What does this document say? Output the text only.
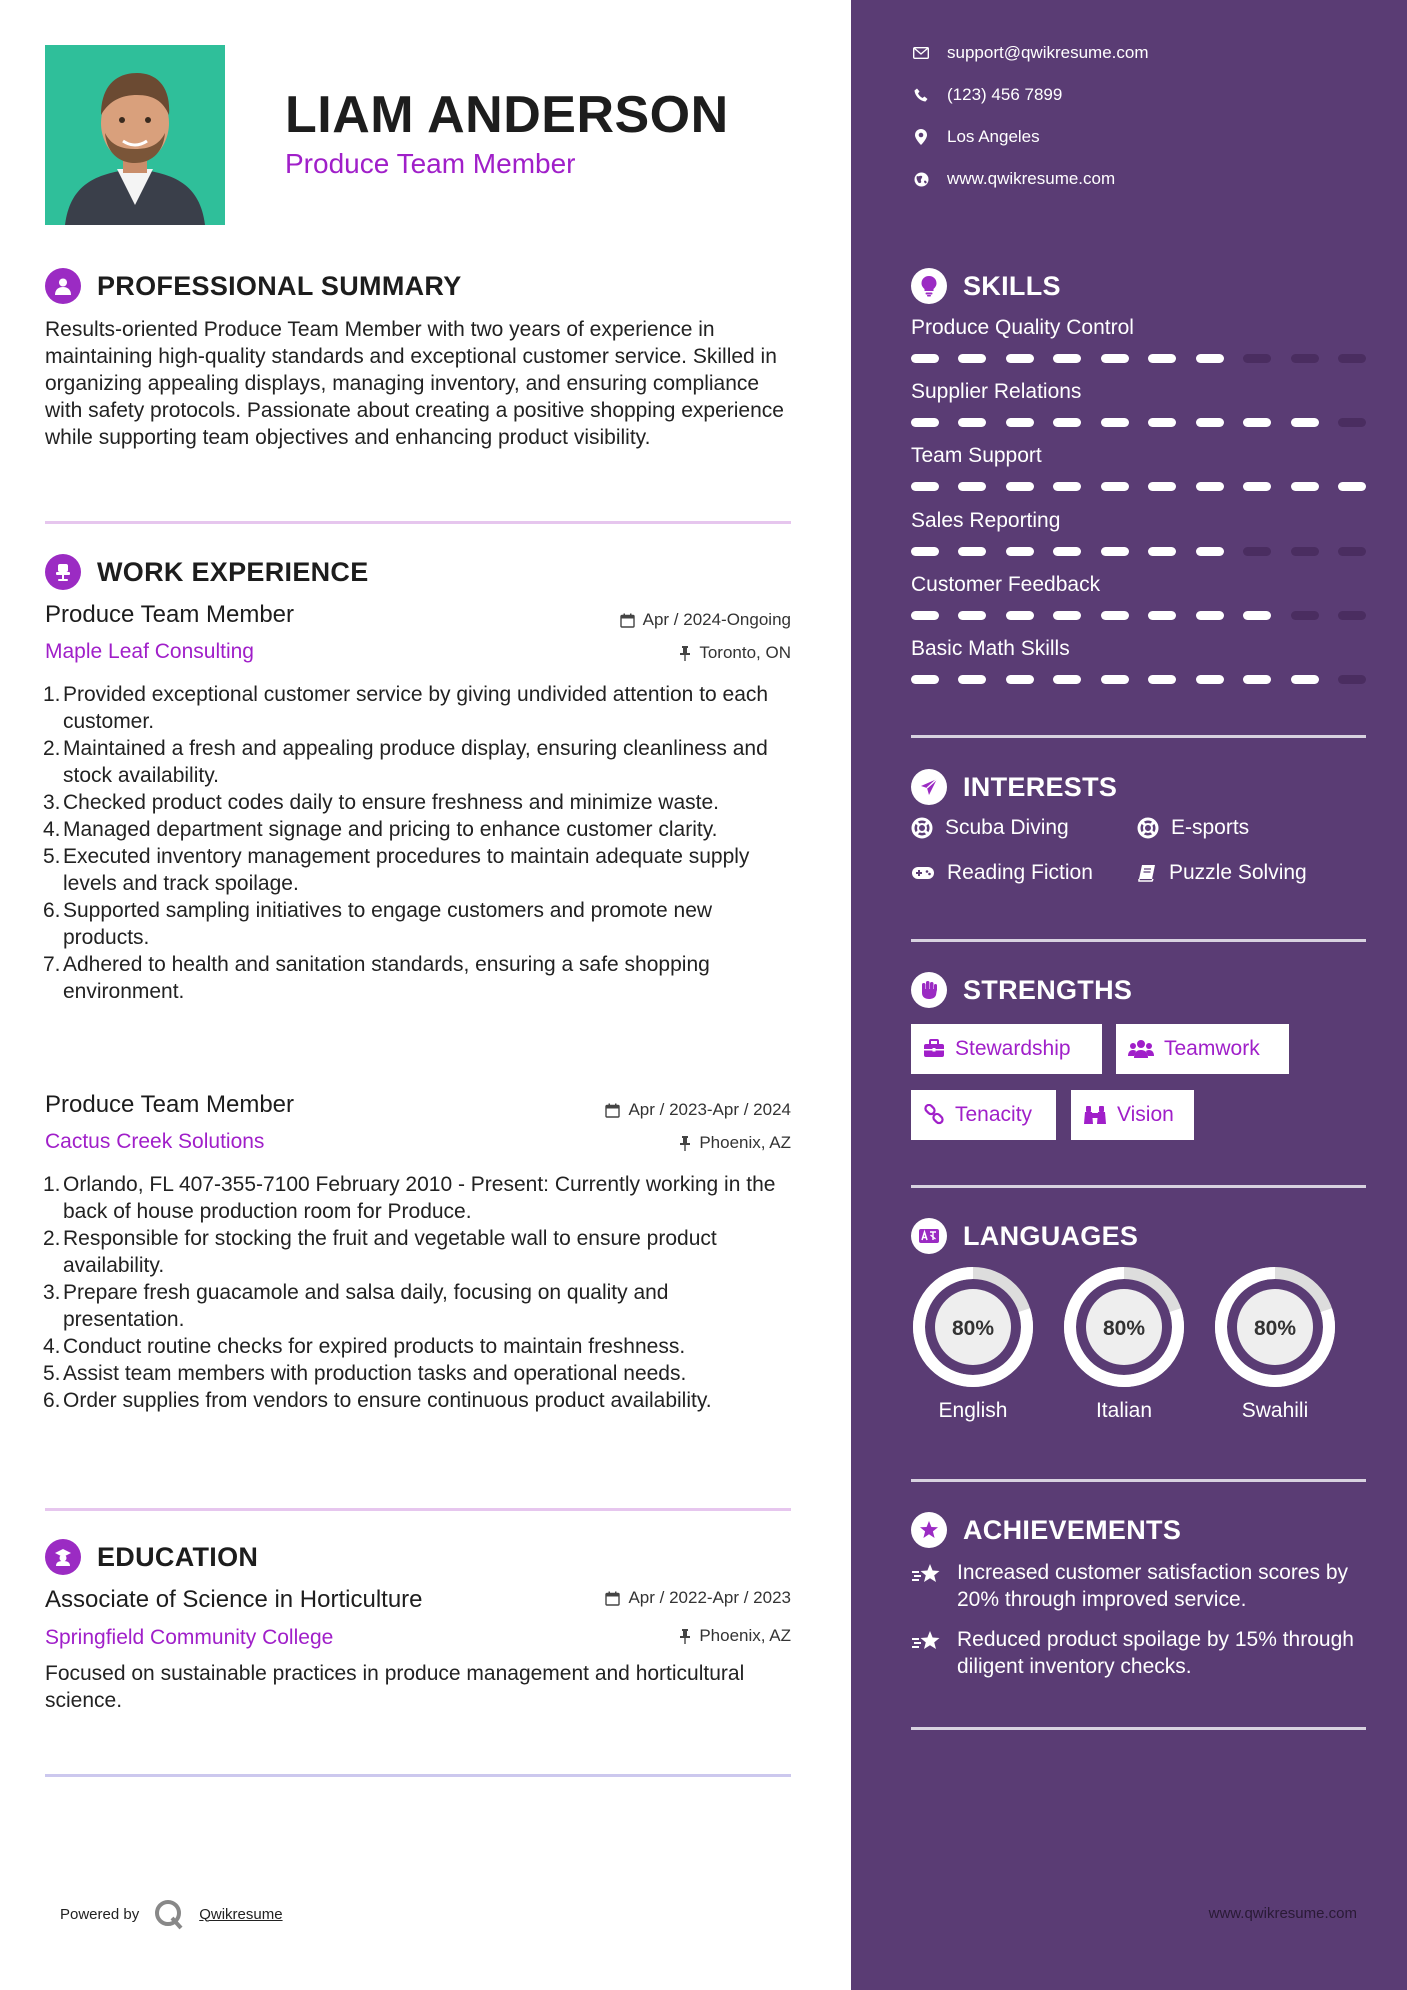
LIAM ANDERSON
Produce Team Member
PROFESSIONAL SUMMARY
Results-oriented Produce Team Member with two years of experience in maintaining high-quality standards and exceptional customer service. Skilled in organizing appealing displays, managing inventory, and ensuring compliance with safety protocols. Passionate about creating a positive shopping experience while supporting team objectives and enhancing product visibility.
WORK EXPERIENCE
Produce Team Member	Apr / 2024-Ongoing
Maple Leaf Consulting	Toronto, ON
1. Provided exceptional customer service by giving undivided attention to each customer.
2. Maintained a fresh and appealing produce display, ensuring cleanliness and stock availability.
3. Checked product codes daily to ensure freshness and minimize waste.
4. Managed department signage and pricing to enhance customer clarity.
5. Executed inventory management procedures to maintain adequate supply levels and track spoilage.
6. Supported sampling initiatives to engage customers and promote new products.
7. Adhered to health and sanitation standards, ensuring a safe shopping environment.
Produce Team Member	Apr / 2023-Apr / 2024
Cactus Creek Solutions	Phoenix, AZ
1. Orlando, FL 407-355-7100 February 2010 - Present: Currently working in the back of house production room for Produce.
2. Responsible for stocking the fruit and vegetable wall to ensure product availability.
3. Prepare fresh guacamole and salsa daily, focusing on quality and presentation.
4. Conduct routine checks for expired products to maintain freshness.
5. Assist team members with production tasks and operational needs.
6. Order supplies from vendors to ensure continuous product availability.
EDUCATION
Associate of Science in Horticulture	Apr / 2022-Apr / 2023
Springfield Community College	Phoenix, AZ
Focused on sustainable practices in produce management and horticultural science.
Powered by	Qwikresume
support@qwikresume.com
(123) 456 7899
Los Angeles
www.qwikresume.com
SKILLS
Produce Quality Control
Supplier Relations
Team Support
Sales Reporting
Customer Feedback
Basic Math Skills
INTERESTS
Scuba Diving	E-sports
Reading Fiction	Puzzle Solving
STRENGTHS
Stewardship	Teamwork
Tenacity	Vision
LANGUAGES
80%
English
80%
Italian
80%
Swahili
ACHIEVEMENTS
Increased customer satisfaction scores by 20% through improved service.
Reduced product spoilage by 15% through diligent inventory checks.
www.qwikresume.com
